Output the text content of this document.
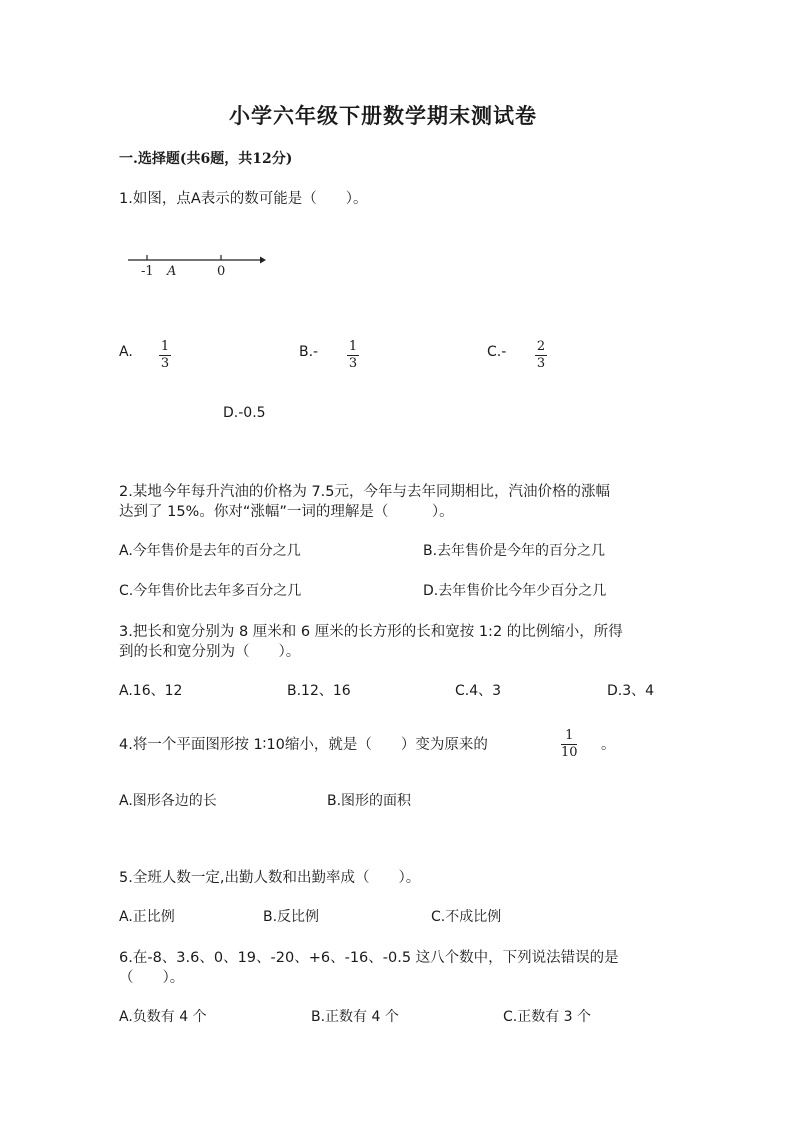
小学六年级下册数学期末测试卷
一.选择题(共6题，共12分)
1.如图，点A表示的数可能是（　　）。
-1 A	0
A. 1
3
B.- 1
3
C.- 2
3
D.-0.5
2.某地今年每升汽油的价格为 7.5元，今年与去年同期相比，汽油价格的涨幅
达到了 15%。你对“涨幅”一词的理解是（　　　）。
A.今年售价是去年的百分之几	B.去年售价是今年的百分之几
C.今年售价比去年多百分之几	D.去年售价比今年少百分之几
3.把长和宽分别为 8 厘米和 6 厘米的长方形的长和宽按 1:2 的比例缩小，所得
到的长和宽分别为（　　）。
A.16、12	B.12、16	C.4、3	D.3、4
4.将一个平面图形按 1∶10缩小，就是（　　）变为原来的
1
10 。
A.图形各边的长	B.图形的面积
5.全班人数一定,出勤人数和出勤率成（　　）。
A.正比例	B.反比例	C.不成比例
6.在-8、3.6、0、19、-20、+6、-16、-0.5 这八个数中，下列说法错误的是
（　　）。
A.负数有 4 个	B.正数有 4 个	C.正数有 3 个
